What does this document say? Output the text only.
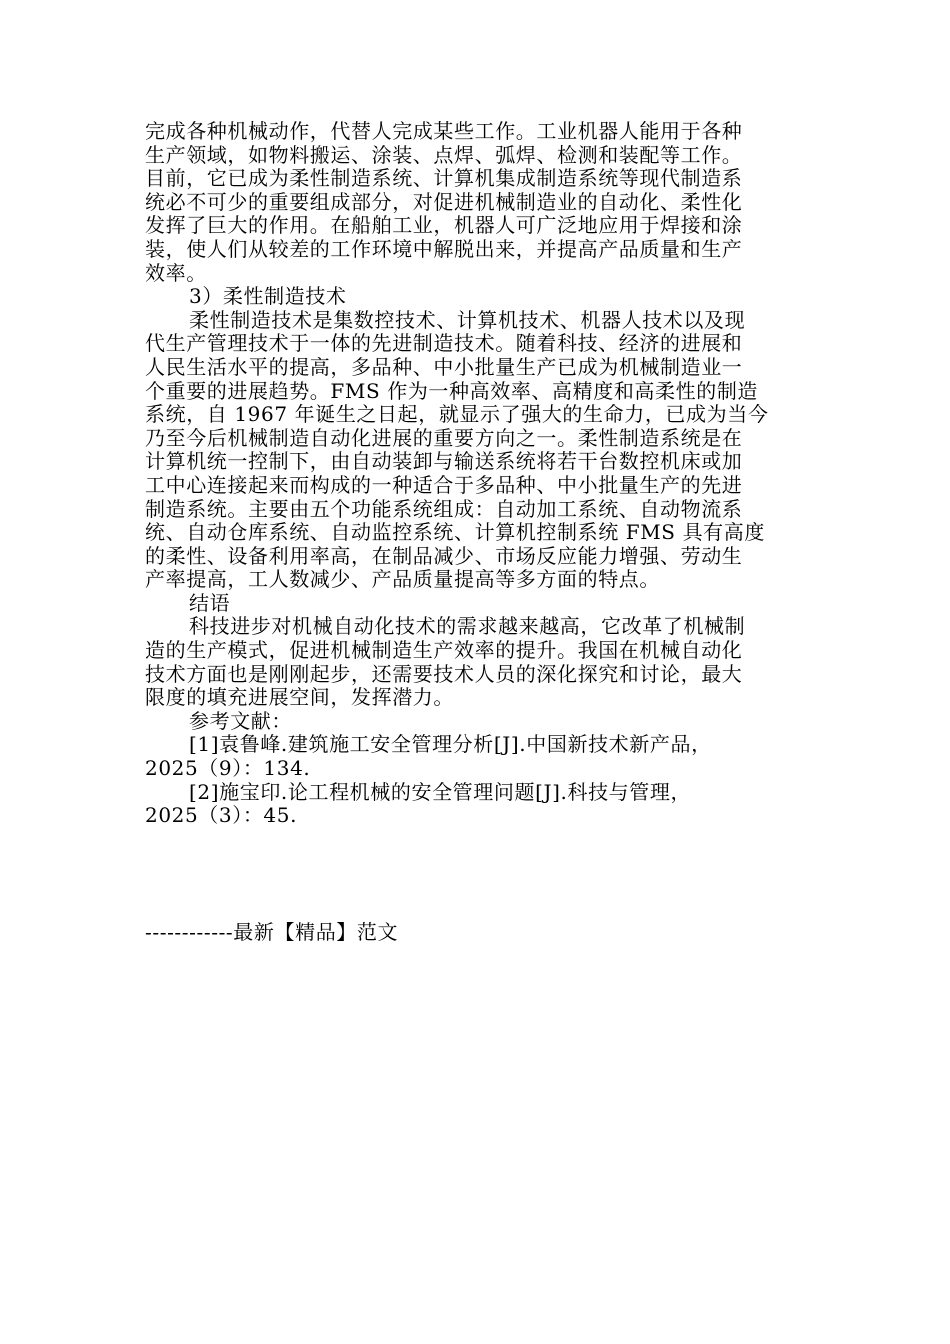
完成各种机械动作，代替人完成某些工作。工业机器人能用于各种
生产领域，如物料搬运、涂装、点焊、弧焊、检测和装配等工作。
目前，它已成为柔性制造系统、计算机集成制造系统等现代制造系
统必不可少的重要组成部分，对促进机械制造业的自动化、柔性化
发挥了巨大的作用。在船舶工业，机器人可广泛地应用于焊接和涂
装，使人们从较差的工作环境中解脱出来，并提高产品质量和生产
效率。
3）柔性制造技术
柔性制造技术是集数控技术、计算机技术、机器人技术以及现
代生产管理技术于一体的先进制造技术。随着科技、经济的进展和
人民生活水平的提高，多品种、中小批量生产已成为机械制造业一
个重要的进展趋势。FMS 作为一种高效率、高精度和高柔性的制造
系统，自 1967 年诞生之日起，就显示了强大的生命力，已成为当今
乃至今后机械制造自动化进展的重要方向之一。柔性制造系统是在
计算机统一控制下，由自动装卸与输送系统将若干台数控机床或加
工中心连接起来而构成的一种适合于多品种、中小批量生产的先进
制造系统。主要由五个功能系统组成：自动加工系统、自动物流系
统、自动仓库系统、自动监控系统、计算机控制系统 FMS 具有高度
的柔性、设备利用率高，在制品减少、市场反应能力增强、劳动生
产率提高，工人数减少、产品质量提高等多方面的特点。
结语
科技进步对机械自动化技术的需求越来越高，它改革了机械制
造的生产模式，促进机械制造生产效率的提升。我国在机械自动化
技术方面也是刚刚起步，还需要技术人员的深化探究和讨论，最大
限度的填充进展空间，发挥潜力。
参考文献：
[1]袁鲁峰.建筑施工安全管理分析[J].中国新技术新产品，
2025（9）：134.
[2]施宝印.论工程机械的安全管理问题[J].科技与管理，
2025（3）：45.
------------最新【精品】范文
